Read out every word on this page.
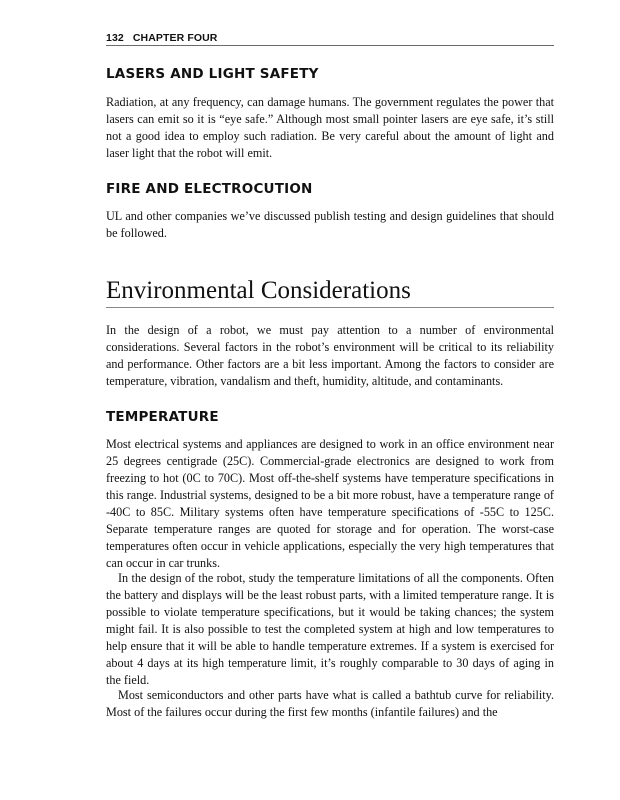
132 CHAPTER FOUR
LASERS AND LIGHT SAFETY

Radiation, at any frequency, can damage humans. The government regulates the power that lasers can emit so it is “eye safe.” Although most small pointer lasers are eye safe, it’s still not a good idea to employ such radiation. Be very careful about the amount of light and laser light that the robot will emit.

FIRE AND ELECTROCUTION

UL and other companies we’ve discussed publish testing and design guidelines that should be followed.

Environmental Considerations

In the design of a robot, we must pay attention to a number of environmental considerations. Several factors in the robot’s environment will be critical to its reliability and performance. Other factors are a bit less important. Among the factors to consider are temperature, vibration, vandalism and theft, humidity, altitude, and contaminants.

TEMPERATURE

Most electrical systems and appliances are designed to work in an office environment near 25 degrees centigrade (25C). Commercial-grade electronics are designed to work from freezing to hot (0C to 70C). Most off-the-shelf systems have temperature specifications in this range. Industrial systems, designed to be a bit more robust, have a temperature range of -40C to 85C. Military systems often have temperature specifications of -55C to 125C. Separate temperature ranges are quoted for storage and for operation. The worst-case temperatures often occur in vehicle applications, especially the very high temperatures that can occur in car trunks.

In the design of the robot, study the temperature limitations of all the components. Often the battery and displays will be the least robust parts, with a limited temperature range. It is possible to violate temperature specifications, but it would be taking chances; the system might fail. It is also possible to test the completed system at high and low temperatures to help ensure that it will be able to handle temperature extremes. If a system is exercised for about 4 days at its high temperature limit, it’s roughly comparable to 30 days of aging in the field.

Most semiconductors and other parts have what is called a bathtub curve for reliability. Most of the failures occur during the first few months (infantile failures) and the
